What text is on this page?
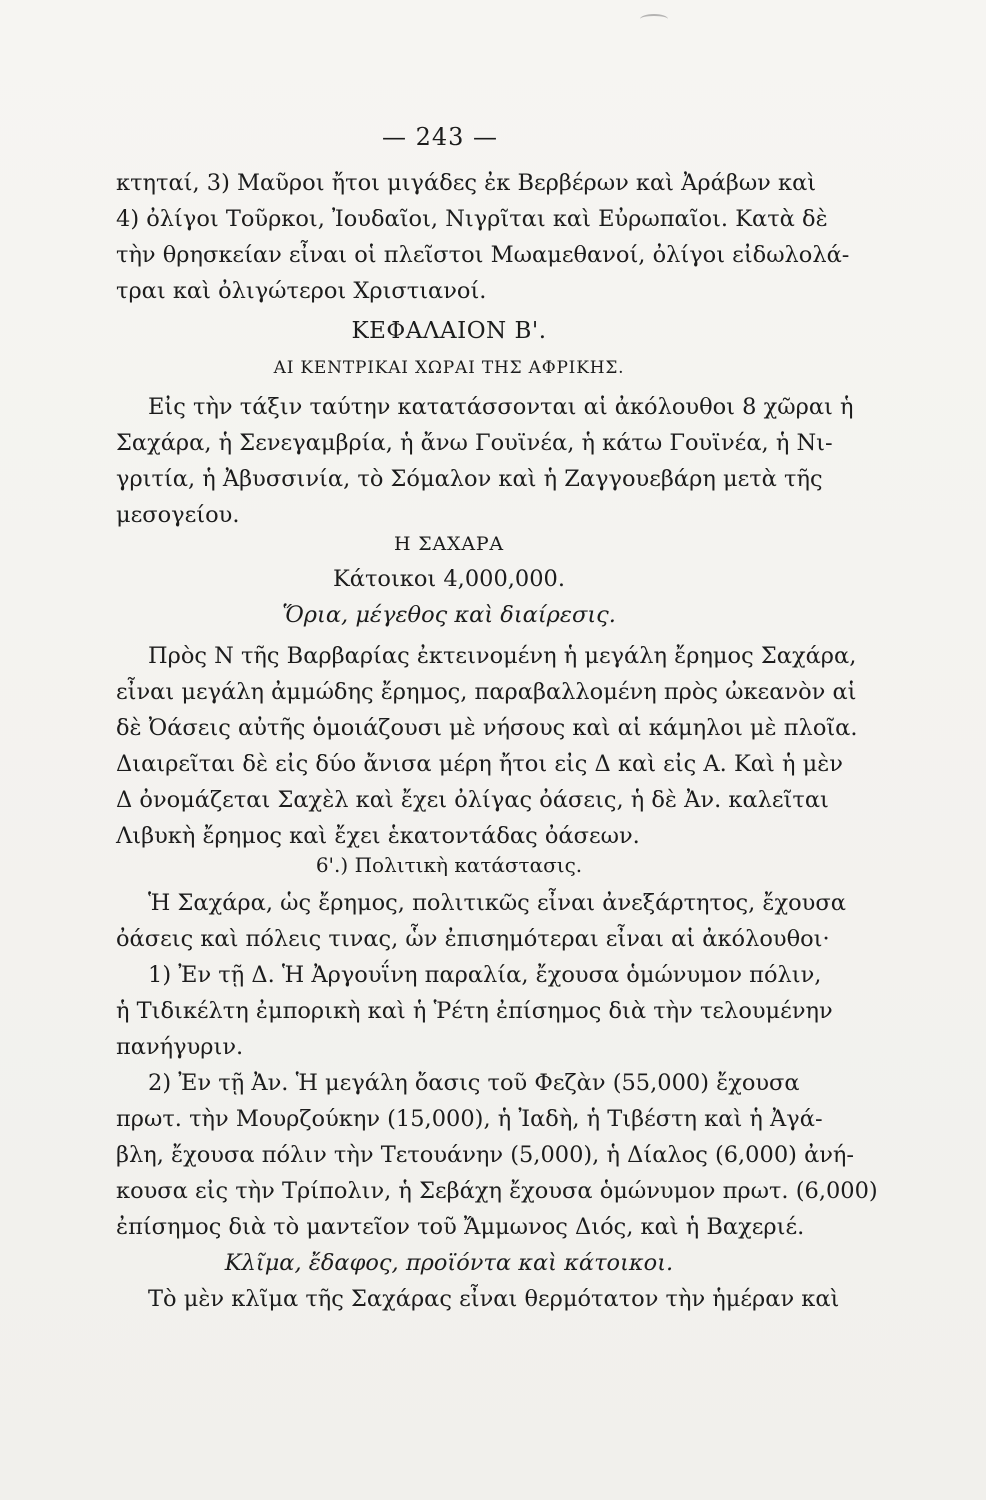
— 243 —
κτηταί, 3) Μαῦροι ἤτοι μιγάδες ἐκ Βερβέρων καὶ Ἀράβων καὶ
4) ὀλίγοι Τοῦρκοι, Ἰουδαῖοι, Νιγρῖται καὶ Εὐρωπαῖοι. Κατὰ δὲ
τὴν θρησκείαν εἶναι οἱ πλεῖστοι Μωαμεθανοί, ὀλίγοι εἰδωλολά-
τραι καὶ ὀλιγώτεροι Χριστιανοί.
ΚΕΦΑΛΑΙΟΝ Β'.
ΑΙ ΚΕΝΤΡΙΚΑΙ ΧΩΡΑΙ ΤΗΣ ΑΦΡΙΚΗΣ.
Εἰς τὴν τάξιν ταύτην κατατάσσονται αἱ ἀκόλουθοι 8 χῶραι ἡ
Σαχάρα, ἡ Σενεγαμβρία, ἡ ἄνω Γουϊνέα, ἡ κάτω Γουϊνέα, ἡ Νι-
γριτία, ἡ Ἀβυσσινία, τὸ Σόμαλον καὶ ἡ Ζαγγουεβάρη μετὰ τῆς
μεσογείου.
Η ΣΑΧΑΡΑ
Κάτοικοι 4,000,000.
Ὅρια, μέγεθος καὶ διαίρεσις.
Πρὸς Ν τῆς Βαρβαρίας ἐκτεινομένη ἡ μεγάλη ἔρημος Σαχάρα,
εἶναι μεγάλη ἀμμώδης ἔρημος, παραβαλλομένη πρὸς ὠκεανὸν αἱ
δὲ Ὀάσεις αὐτῆς ὁμοιάζουσι μὲ νήσους καὶ αἱ κάμηλοι μὲ πλοῖα.
Διαιρεῖται δὲ εἰς δύο ἄνισα μέρη ἤτοι εἰς Δ καὶ εἰς Α. Καὶ ἡ μὲν
Δ ὀνομάζεται Σαχὲλ καὶ ἔχει ὀλίγας ὀάσεις, ἡ δὲ Ἀν. καλεῖται
Λιβυκὴ ἔρημος καὶ ἔχει ἑκατοντάδας ὀάσεων.
6'.) Πολιτικὴ κατάστασις.
Ἡ Σαχάρα, ὡς ἔρημος, πολιτικῶς εἶναι ἀνεξάρτητος, ἔχουσα
ὀάσεις καὶ πόλεις τινας, ὧν ἐπισημότεραι εἶναι αἱ ἀκόλουθοι·
1) Ἐν τῇ Δ. Ἡ Ἀργουΐνη παραλία, ἔχουσα ὁμώνυμον πόλιν,
ἡ Τιδικέλτη ἐμπορικὴ καὶ ἡ Ῥέτη ἐπίσημος διὰ τὴν τελουμένην
πανήγυριν.
2) Ἐν τῇ Ἀν. Ἡ μεγάλη ὄασις τοῦ Φεζὰν (55,000) ἔχουσα
πρωτ. τὴν Μουρζούκην (15,000), ἡ Ἰαδὴ, ἡ Τιβέστη καὶ ἡ Ἀγά-
βλη, ἔχουσα πόλιν τὴν Τετουάνην (5,000), ἡ Δίαλος (6,000) ἀνή-
κουσα εἰς τὴν Τρίπολιν, ἡ Σεβάχη ἔχουσα ὁμώνυμον πρωτ. (6,000)
ἐπίσημος διὰ τὸ μαντεῖον τοῦ Ἄμμωνος Διός, καὶ ἡ Βαχεριέ.
Κλῖμα, ἔδαφος, προϊόντα καὶ κάτοικοι.
Τὸ μὲν κλῖμα τῆς Σαχάρας εἶναι θερμότατον τὴν ἡμέραν καὶ
